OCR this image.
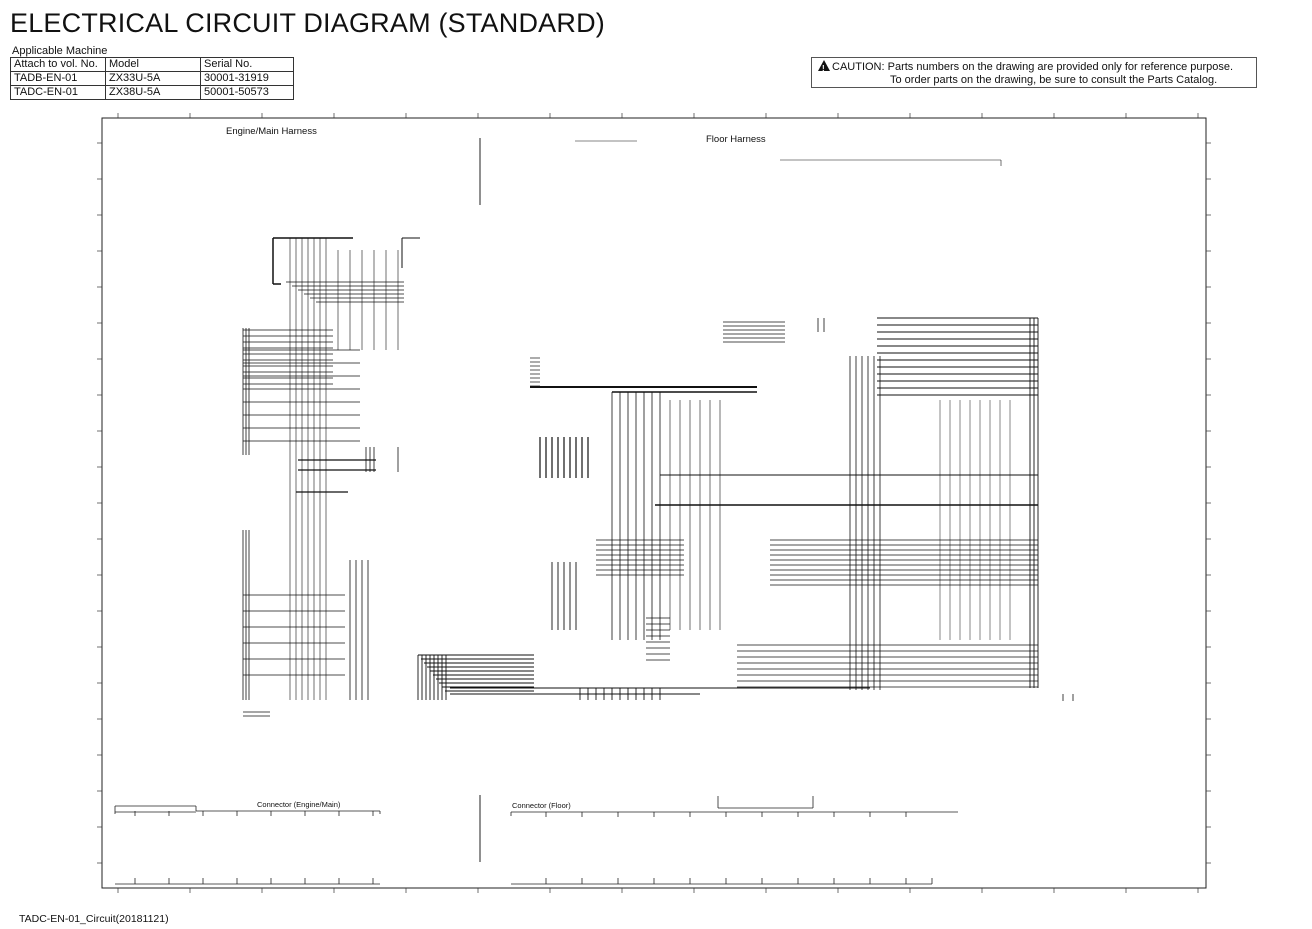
ELECTRICAL CIRCUIT DIAGRAM (STANDARD)
Applicable Machine
Attach to vol. No.	Model	Serial No.
TADB-EN-01	ZX33U-5A	30001-31919
TADC-EN-01	ZX38U-5A	50001-50573
!CAUTION: Parts numbers on the drawing are provided only for reference purpose.
To order parts on the drawing, be sure to consult the Parts Catalog.
Engine/Main Harness
Floor Harness
Connector (Engine/Main)	Connector (Floor)
TADC-EN-01_Circuit(20181121)
